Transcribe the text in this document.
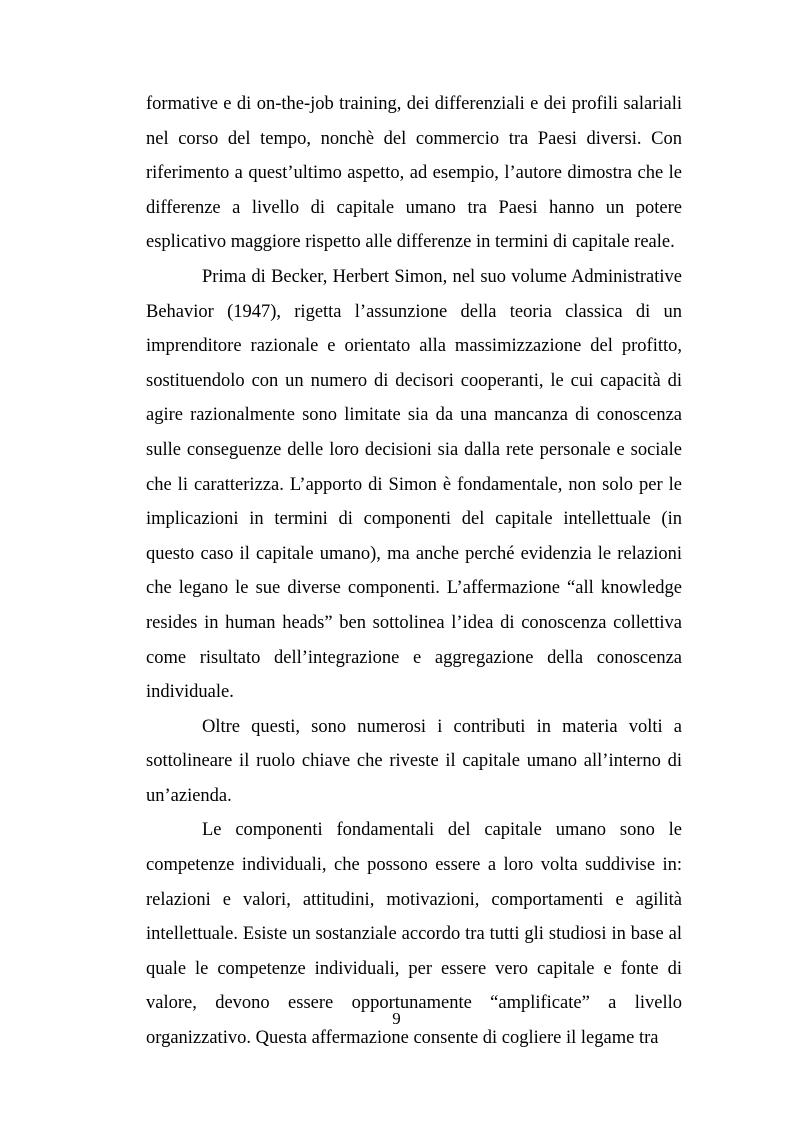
formative e di on-the-job training, dei differenziali e dei profili salariali nel corso del tempo, nonchè del commercio tra Paesi diversi. Con riferimento a quest’ultimo aspetto, ad esempio, l’autore dimostra che le differenze a livello di capitale umano tra Paesi hanno un potere esplicativo maggiore rispetto alle differenze in termini di capitale reale.

Prima di Becker, Herbert Simon, nel suo volume Administrative Behavior (1947), rigetta l’assunzione della teoria classica di un imprenditore razionale e orientato alla massimizzazione del profitto, sostituendolo con un numero di decisori cooperanti, le cui capacità di agire razionalmente sono limitate sia da una mancanza di conoscenza sulle conseguenze delle loro decisioni sia dalla rete personale e sociale che li caratterizza. L’apporto di Simon è fondamentale, non solo per le implicazioni in termini di componenti del capitale intellettuale (in questo caso il capitale umano), ma anche perché evidenzia le relazioni che legano le sue diverse componenti. L’affermazione “all knowledge resides in human heads” ben sottolinea l’idea di conoscenza collettiva come risultato dell’integrazione e aggregazione della conoscenza individuale.

Oltre questi, sono numerosi i contributi in materia volti a sottolineare il ruolo chiave che riveste il capitale umano all’interno di un’azienda.

Le componenti fondamentali del capitale umano sono le competenze individuali, che possono essere a loro volta suddivise in: relazioni e valori, attitudini, motivazioni, comportamenti e agilità intellettuale. Esiste un sostanziale accordo tra tutti gli studiosi in base al quale le competenze individuali, per essere vero capitale e fonte di valore, devono essere opportunamente “amplificate” a livello organizzativo. Questa affermazione consente di cogliere il legame tra

9
